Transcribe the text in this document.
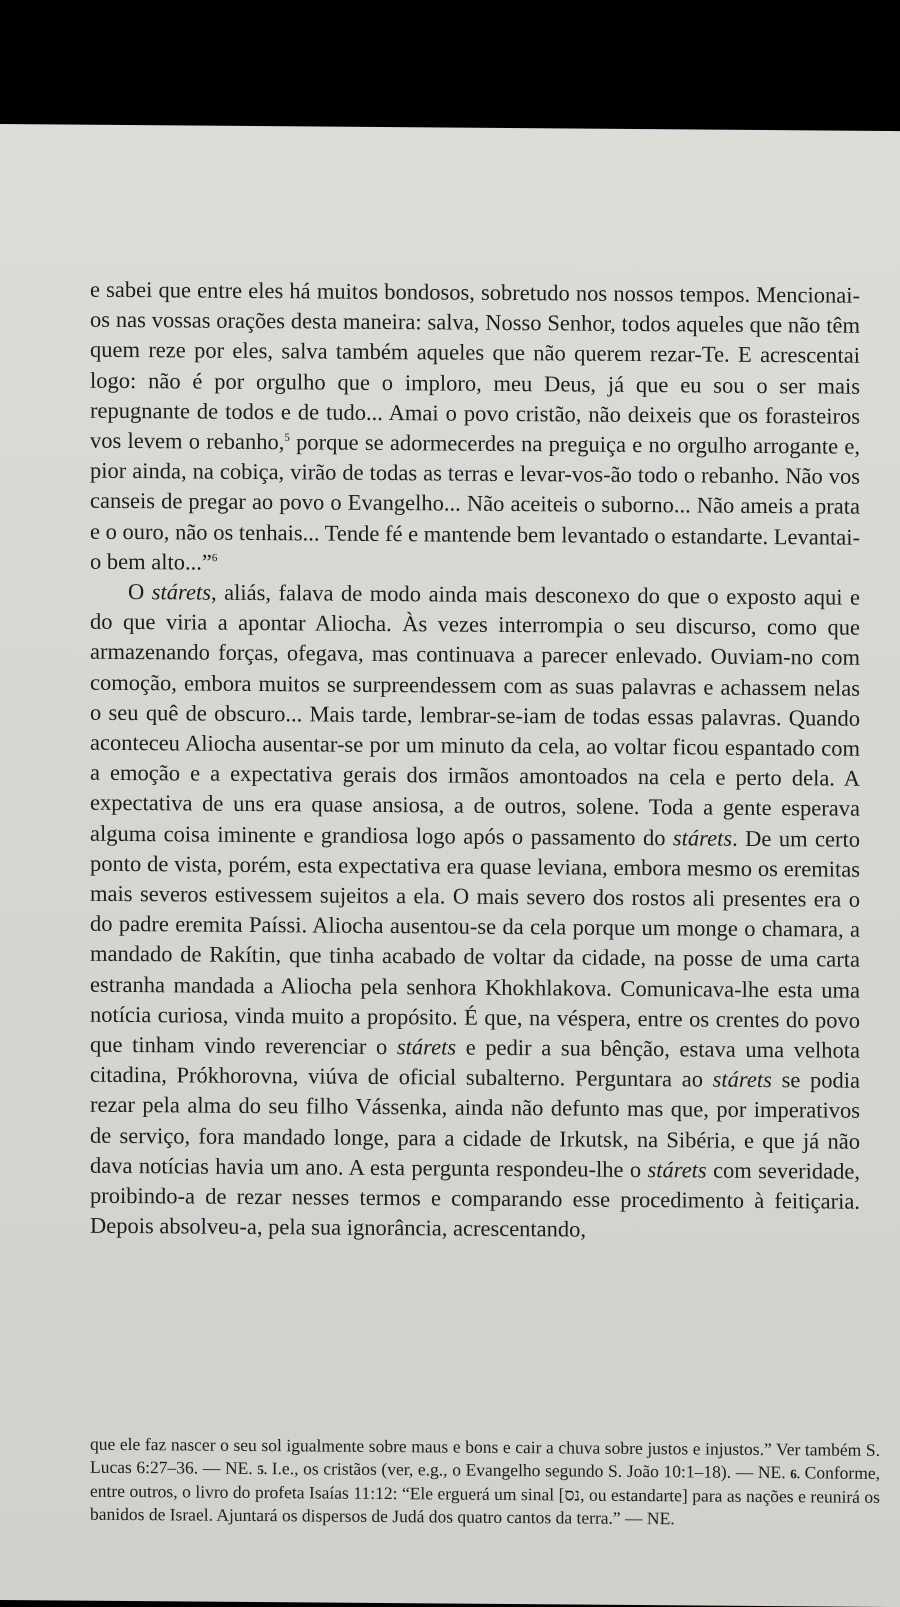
e sabei que entre eles há muitos bondosos, sobretudo nos nossos tempos. Mencionai-os nas vossas orações desta maneira: salva, Nosso Senhor, todos aqueles que não têm quem reze por eles, salva também aqueles que não querem rezar-Te. E acrescentai logo: não é por orgulho que o imploro, meu Deus, já que eu sou o ser mais repugnante de todos e de tudo... Amai o povo cristão, não deixeis que os forasteiros vos levem o rebanho,$^5$ porque se adormecerdes na preguiça e no orgulho arrogante e, pior ainda, na cobiça, virão de todas as terras e levar-vos-ão todo o rebanho. Não vos canseis de pregar ao povo o Evangelho... Não aceiteis o suborno... Não ameis a prata e o ouro, não os tenhais... Tende fé e mantende bem levantado o estandarte. Levantai-o bem alto...”$^6$

O stárets, aliás, falava de modo ainda mais desconexo do que o exposto aqui e do que viria a apontar Aliocha. Às vezes interrompia o seu discurso, como que armazenando forças, ofegava, mas continuava a parecer enlevado. Ouviam-no com comoção, embora muitos se surpreendessem com as suas palavras e achassem nelas o seu quê de obscuro... Mais tarde, lembrar-se-iam de todas essas palavras. Quando aconteceu Aliocha ausentar-se por um minuto da cela, ao voltar ficou espantado com a emoção e a expectativa gerais dos irmãos amontoados na cela e perto dela. A expectativa de uns era quase ansiosa, a de outros, solene. Toda a gente esperava alguma coisa iminente e grandiosa logo após o passamento do stárets. De um certo ponto de vista, porém, esta expectativa era quase leviana, embora mesmo os eremitas mais severos estivessem sujeitos a ela. O mais severo dos rostos ali presentes era o do padre eremita Paíssi. Aliocha ausentou-se da cela porque um monge o chamara, a mandado de Rakítin, que tinha acabado de voltar da cidade, na posse de uma carta estranha mandada a Aliocha pela senhora Khokhlakova. Comunicava-lhe esta uma notícia curiosa, vinda muito a propósito. É que, na véspera, entre os crentes do povo que tinham vindo reverenciar o stárets e pedir a sua bênção, estava uma velhota citadina, Prókhorovna, viúva de oficial subalterno. Perguntara ao stárets se podia rezar pela alma do seu filho Vássenka, ainda não defunto mas que, por imperativos de serviço, fora mandado longe, para a cidade de Irkutsk, na Sibéria, e que já não dava notícias havia um ano. A esta pergunta respondeu-lhe o stárets com severidade, proibindo-a de rezar nesses termos e comparando esse procedimento à feitiçaria. Depois absolveu-a, pela sua ignorância, acrescentando,

que ele faz nascer o seu sol igualmente sobre maus e bons e cair a chuva sobre justos e injustos.” Ver também S. Lucas 6:27–36. — NE. 5. I.e., os cristãos (ver, e.g., o Evangelho segundo S. João 10:1–18). — NE. 6. Conforme, entre outros, o livro do profeta Isaías 11:12: “Ele erguerá um sinal [נס, ou estandarte] para as nações e reunirá os banidos de Israel. Ajuntará os dispersos de Judá dos quatro cantos da terra.” — NE.
